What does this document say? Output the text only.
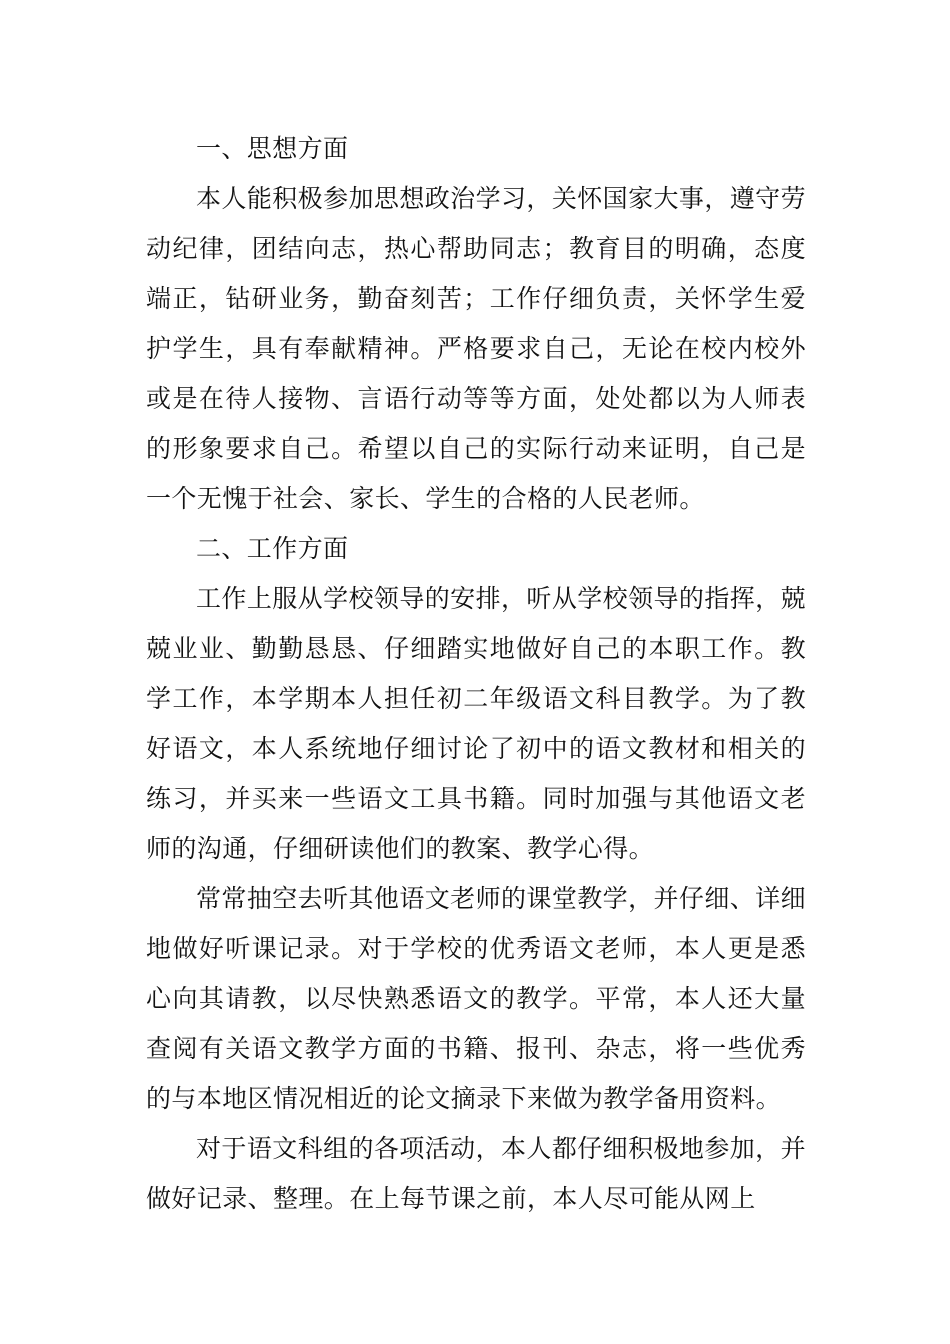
一、思想方面

本人能积极参加思想政治学习，关怀国家大事，遵守劳动纪律，团结向志，热心帮助同志；教育目的明确，态度端正，钻研业务，勤奋刻苦；工作仔细负责，关怀学生爱护学生，具有奉献精神。严格要求自己，无论在校内校外或是在待人接物、言语行动等等方面，处处都以为人师表的形象要求自己。希望以自己的实际行动来证明，自己是一个无愧于社会、家长、学生的合格的人民老师。

二、工作方面

工作上服从学校领导的安排，听从学校领导的指挥，兢兢业业、勤勤恳恳、仔细踏实地做好自己的本职工作。教学工作，本学期本人担任初二年级语文科目教学。为了教好语文，本人系统地仔细讨论了初中的语文教材和相关的练习，并买来一些语文工具书籍。同时加强与其他语文老师的沟通，仔细研读他们的教案、教学心得。

常常抽空去听其他语文老师的课堂教学，并仔细、详细地做好听课记录。对于学校的优秀语文老师，本人更是悉心向其请教，以尽快熟悉语文的教学。平常，本人还大量查阅有关语文教学方面的书籍、报刊、杂志，将一些优秀的与本地区情况相近的论文摘录下来做为教学备用资料。

对于语文科组的各项活动，本人都仔细积极地参加，并做好记录、整理。在上每节课之前，本人尽可能从网上
